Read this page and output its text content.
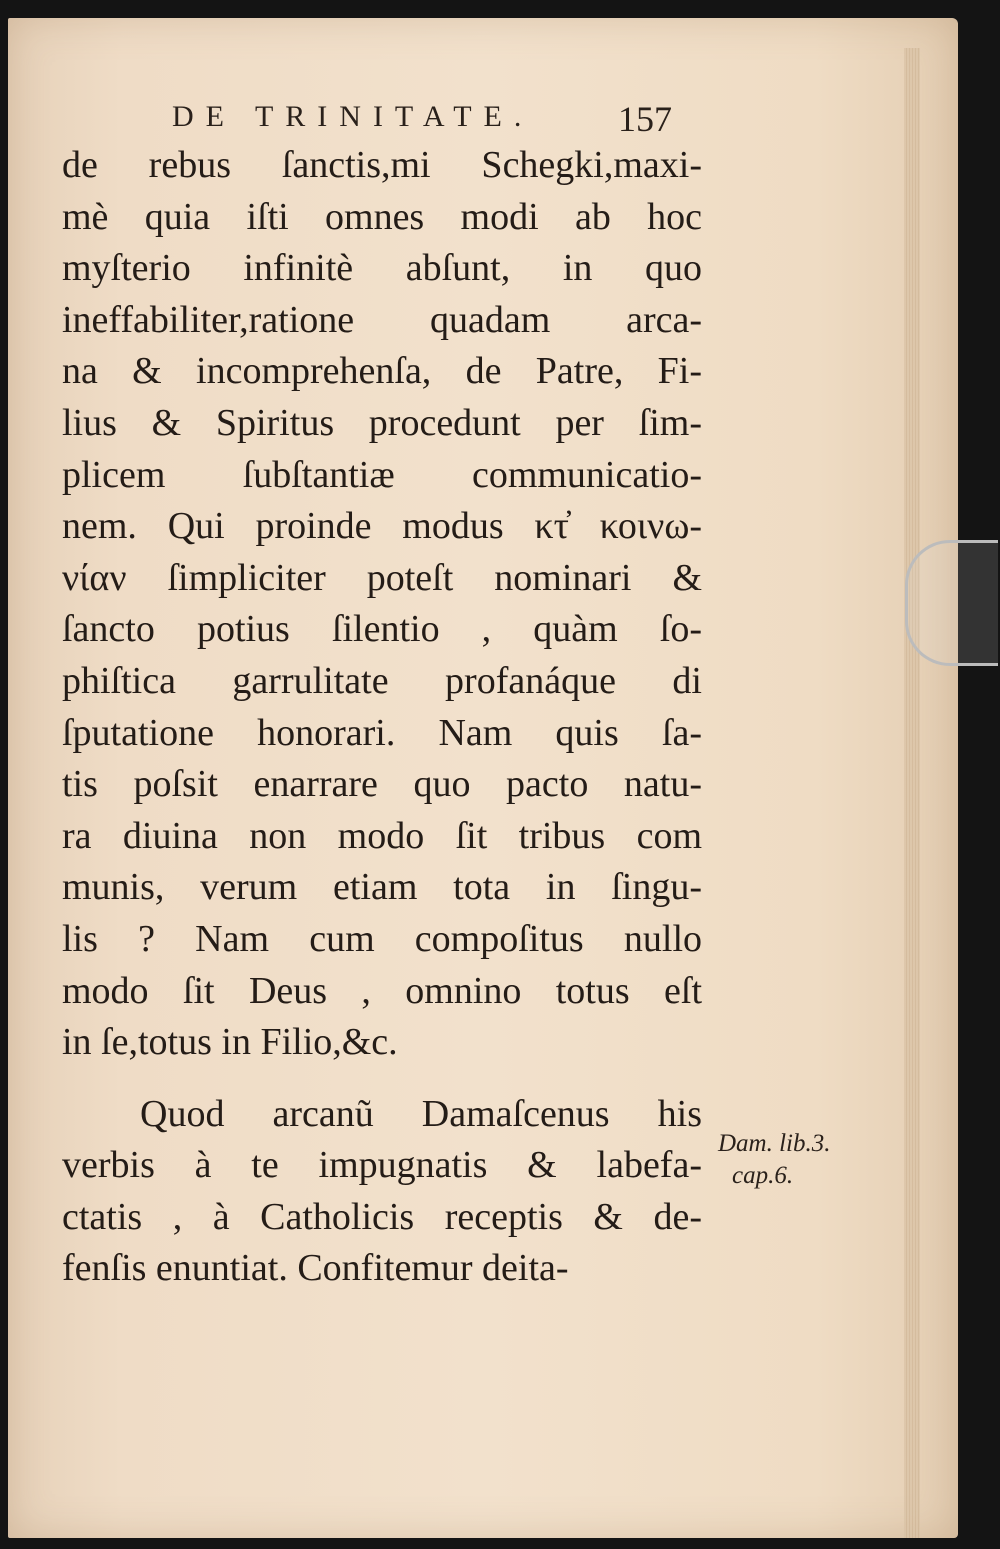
DE TRINITATE. 157
de rebus ſanctis,mi Schegki,maxi-
mè quia iſti omnes modi ab hoc
myſterio infinitè abſunt, in quo
ineffabiliter,ratione quadam arca-
na & incomprehenſa, de Patre, Fi-
lius & Spiritus procedunt per ſim-
plicem ſubſtantiæ communicatio-
nem. Qui proinde modus κτ̓ κοινω-
νίαν ſimpliciter poteſt nominari &
ſancto potius ſilentio , quàm ſo-
phiſtica garrulitate profanáque di
ſputatione honorari. Nam quis ſa-
tis poſsit enarrare quo pacto natu-
ra diuina non modo ſit tribus com
munis, verum etiam tota in ſingu-
lis ? Nam cum compoſitus nullo
modo ſit Deus , omnino totus eſt
in ſe,totus in Filio,&c.
Quod arcanũ Damaſcenus his
verbis à te impugnatis & labefa-
ctatis , à Catholicis receptis & de-
fenſis enuntiat. Confitemur deita-
Dam. lib.3.
cap.6.
